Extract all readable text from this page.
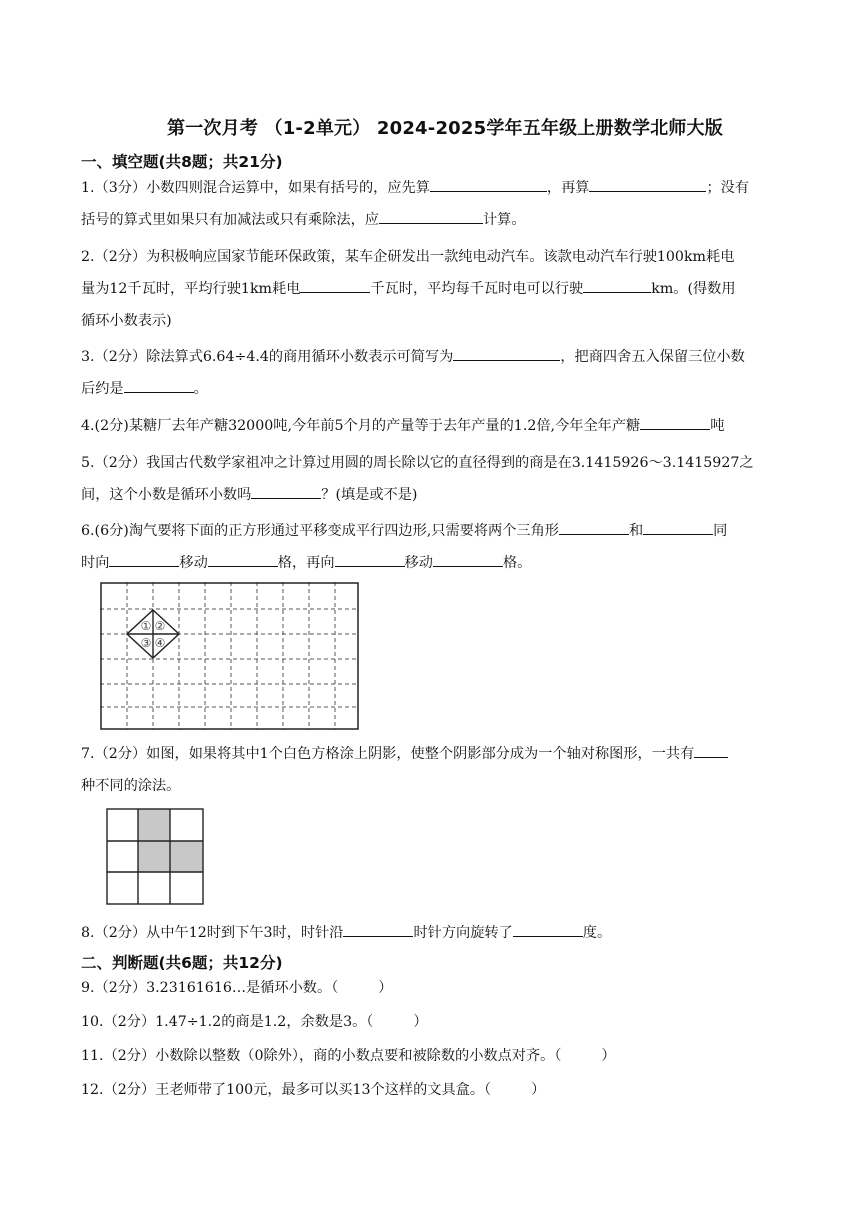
第一次月考 （1-2单元） 2024-2025学年五年级上册数学北师大版
一、填空题(共8题；共21分)
1.（3分）小数四则混合运算中，如果有括号的，应先算	，再算	；没有
括号的算式里如果只有加减法或只有乘除法，应	计算。
2.（2分）为积极响应国家节能环保政策，某车企研发出一款纯电动汽车。该款电动汽车行驶100km耗电
量为12千瓦时，平均行驶1km耗电	千瓦时，平均每千瓦时电可以行驶	km。(得数用
循环小数表示)
3.（2分）除法算式6.64÷4.4的商用循环小数表示可简写为	，把商四舍五入保留三位小数
后约是	。
4.(2分)某糖厂去年产糖32000吨,今年前5个月的产量等于去年产量的1.2倍,今年全年产糖	吨
5.（2分）我国古代数学家祖冲之计算过用圆的周长除以它的直径得到的商是在3.1415926～3.1415927之
间，这个小数是循环小数吗	？(填是或不是)
6.(6分)淘气要将下面的正方形通过平移变成平行四边形,只需要将两个三角形	和	同
时向	移动	格，再向	移动	格。
① ②
③ ④
7.（2分）如图，如果将其中1个白色方格涂上阴影，使整个阴影部分成为一个轴对称图形，一共有
种不同的涂法。
8.（2分）从中午12时到下午3时，时针沿	时针方向旋转了	度。
二、判断题(共6题；共12分)
9.（2分）3.23161616…是循环小数。（	）
10.（2分）1.47÷1.2的商是1.2，余数是3。（	）
11.（2分）小数除以整数（0除外），商的小数点要和被除数的小数点对齐。（	）
12.（2分）王老师带了100元，最多可以买13个这样的文具盒。（	）
